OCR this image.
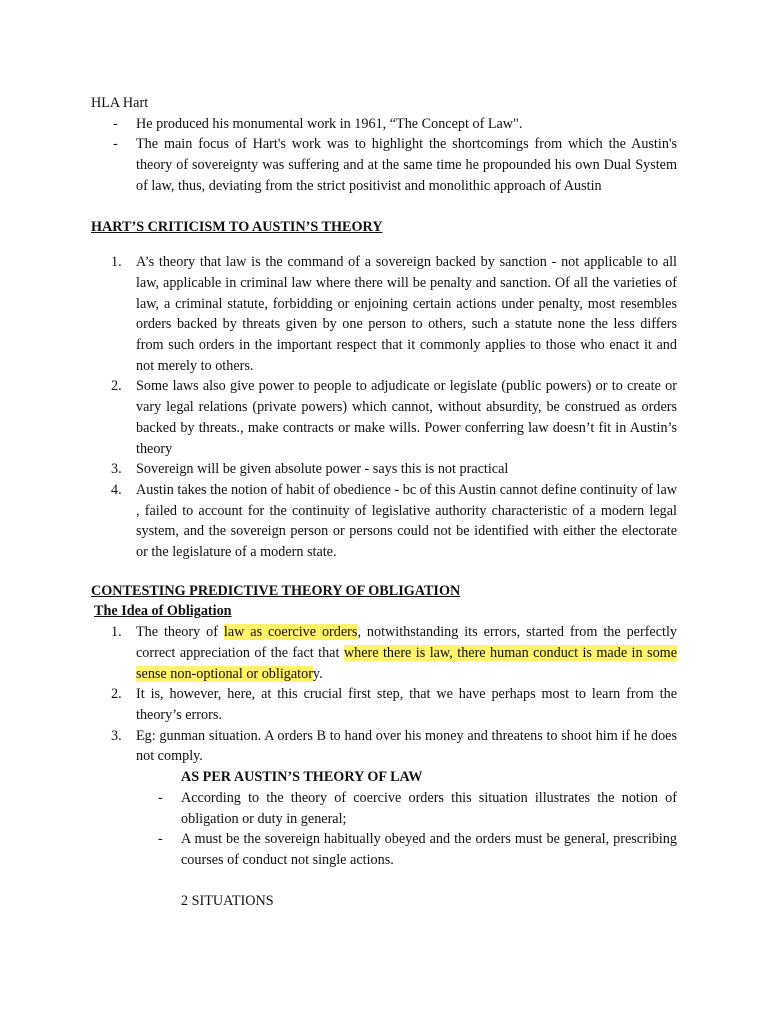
HLA Hart

-	He produced his monumental work in 1961, “The Concept of Law".
-	The main focus of Hart's work was to highlight the shortcomings from which the Austin's theory of sovereignty was suffering and at the same time he propounded his own Dual System of law, thus, deviating from the strict positivist and monolithic approach of Austin

HART’S CRITICISM TO AUSTIN’S THEORY

1.	A’s theory that law is the command of a sovereign backed by sanction - not applicable to all law, applicable in criminal law where there will be penalty and sanction. Of all the varieties of law, a criminal statute, forbidding or enjoining certain actions under penalty, most resembles orders backed by threats given by one person to others, such a statute none the less differs from such orders in the important respect that it commonly applies to those who enact it and not merely to others.
2.	Some laws also give power to people to adjudicate or legislate (public powers) or to create or vary legal relations (private powers) which cannot, without absurdity, be construed as orders backed by threats., make contracts or make wills. Power conferring law doesn’t fit in Austin’s theory
3.	Sovereign will be given absolute power - says this is not practical
4.	Austin takes the notion of habit of obedience - bc of this Austin cannot define continuity of law , failed to account for the continuity of legislative authority characteristic of a modern legal system, and the sovereign person or persons could not be identified with either the electorate or the legislature of a modern state.

CONTESTING PREDICTIVE THEORY OF OBLIGATION

The Idea of Obligation

1.	The theory of law as coercive orders, notwithstanding its errors, started from the perfectly correct appreciation of the fact that where there is law, there human conduct is made in some sense non-optional or obligatory.
2.	It is, however, here, at this crucial first step, that we have perhaps most to learn from the theory’s errors.
3.	Eg: gunman situation. A orders B to hand over his money and threatens to shoot him if he does not comply.

AS PER AUSTIN’S THEORY OF LAW

-	According to the theory of coercive orders this situation illustrates the notion of obligation or duty in general;
-	A must be the sovereign habitually obeyed and the orders must be general, prescribing courses of conduct not single actions.

2 SITUATIONS
